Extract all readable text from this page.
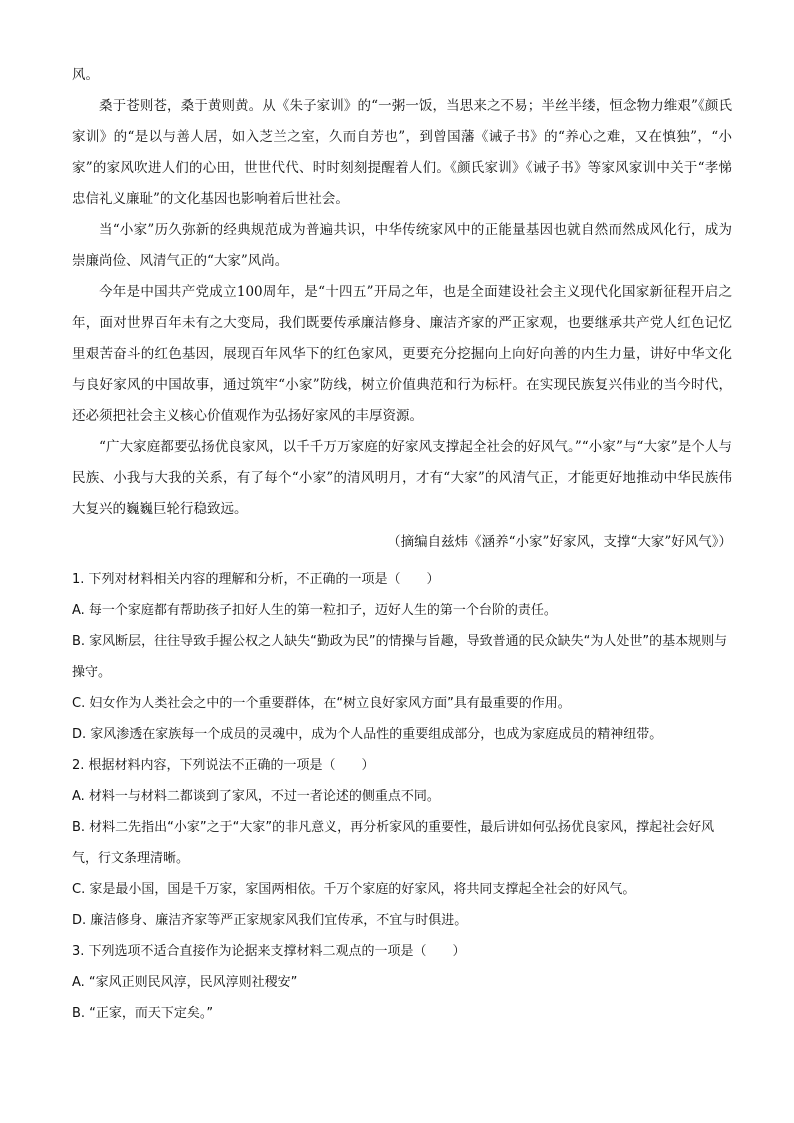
风。

桑于苍则苍，桑于黄则黄。从《朱子家训》的“一粥一饭，当思来之不易；半丝半缕，恒念物力维艰”《颜氏家训》的“是以与善人居，如入芝兰之室，久而自芳也”，到曾国藩《诫子书》的“养心之难，又在慎独”，“小家”的家风吹进人们的心田，世世代代、时时刻刻提醒着人们。《颜氏家训》《诫子书》等家风家训中关于“孝悌忠信礼义廉耻”的文化基因也影响着后世社会。

当“小家”历久弥新的经典规范成为普遍共识，中华传统家风中的正能量基因也就自然而然成风化行，成为崇廉尚俭、风清气正的“大家”风尚。

今年是中国共产党成立100周年，是“十四五”开局之年，也是全面建设社会主义现代化国家新征程开启之年，面对世界百年未有之大变局，我们既要传承廉洁修身、廉洁齐家的严正家观，也要继承共产党人红色记忆里艰苦奋斗的红色基因，展现百年风华下的红色家风，更要充分挖掘向上向好向善的内生力量，讲好中华文化与良好家风的中国故事，通过筑牢“小家”防线，树立价值典范和行为标杆。在实现民族复兴伟业的当今时代，还必须把社会主义核心价值观作为弘扬好家风的丰厚资源。

“广大家庭都要弘扬优良家风，以千千万万家庭的好家风支撑起全社会的好风气。”“小家”与“大家”是个人与民族、小我与大我的关系，有了每个“小家”的清风明月，才有“大家”的风清气正，才能更好地推动中华民族伟大复兴的巍巍巨轮行稳致远。

（摘编自兹炜《涵养“小家”好家风，支撑“大家”好风气》）

1. 下列对材料相关内容的理解和分析，不正确的一项是（　　）

A. 每一个家庭都有帮助孩子扣好人生的第一粒扣子，迈好人生的第一个台阶的责任。

B. 家风断层，往往导致手握公权之人缺失“勤政为民”的情操与旨趣，导致普通的民众缺失“为人处世”的基本规则与操守。

C. 妇女作为人类社会之中的一个重要群体，在“树立良好家风方面”具有最重要的作用。

D. 家风渗透在家族每一个成员的灵魂中，成为个人品性的重要组成部分，也成为家庭成员的精神纽带。

2. 根据材料内容，下列说法不正确的一项是（　　）

A. 材料一与材料二都谈到了家风，不过一者论述的侧重点不同。

B. 材料二先指出“小家”之于“大家”的非凡意义，再分析家风的重要性，最后讲如何弘扬优良家风，撑起社会好风气，行文条理清晰。

C. 家是最小国，国是千万家，家国两相依。千万个家庭的好家风，将共同支撑起全社会的好风气。

D. 廉洁修身、廉洁齐家等严正家规家风我们宜传承，不宜与时俱进。

3. 下列选项不适合直接作为论据来支撑材料二观点的一项是（　　）

A. “家风正则民风淳，民风淳则社稷安”

B. “正家，而天下定矣。”
